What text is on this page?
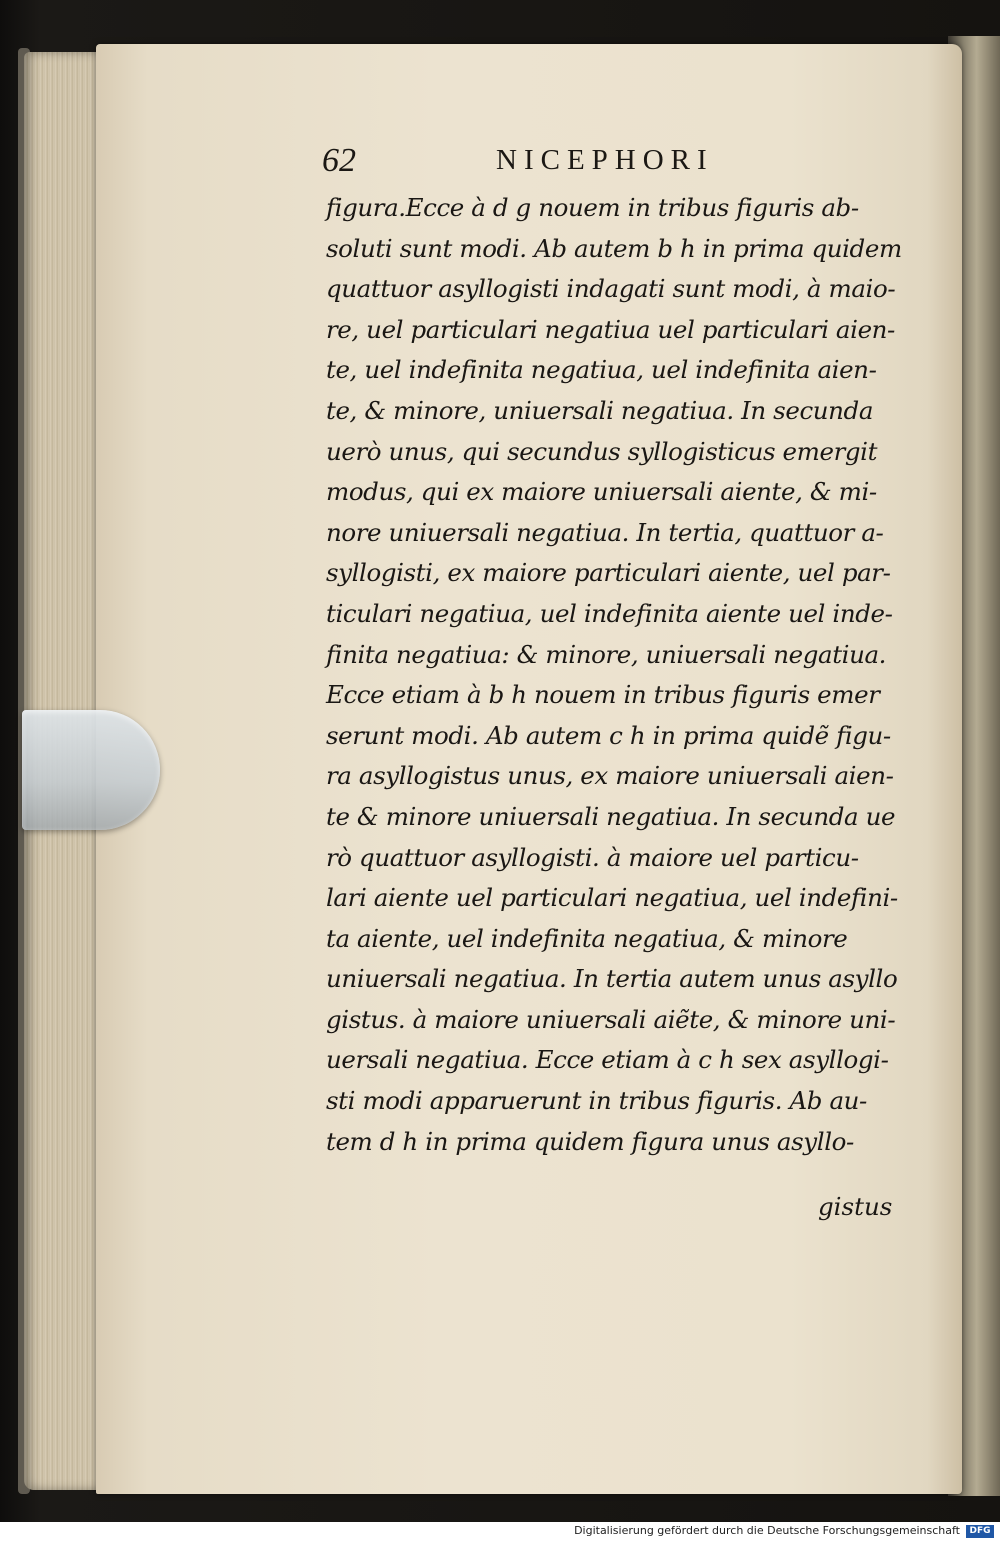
62	NICEPHORI
figura.Ecce à d g nouem in tribus figuris ab-
soluti sunt modi. Ab autem b h in prima quidem
quattuor asyllogisti indagati sunt modi, à maio-
re, uel particulari negatiua uel particulari aien-
te, uel indefinita negatiua, uel indefinita aien-
te, & minore, uniuersali negatiua. In secunda
uerò unus, qui secundus syllogisticus emergit
modus, qui ex maiore uniuersali aiente, & mi-
nore uniuersali negatiua. In tertia, quattuor a-
syllogisti, ex maiore particulari aiente, uel par-
ticulari negatiua, uel indefinita aiente uel inde-
finita negatiua: & minore, uniuersali negatiua.
Ecce etiam à b h nouem in tribus figuris emer
serunt modi. Ab autem c h in prima quidẽ figu-
ra asyllogistus unus, ex maiore uniuersali aien-
te & minore uniuersali negatiua. In secunda ue
rò quattuor asyllogisti. à maiore uel particu-
lari aiente uel particulari negatiua, uel indefini-
ta aiente, uel indefinita negatiua, & minore
uniuersali negatiua. In tertia autem unus asyllo
gistus. à maiore uniuersali aiẽte, & minore uni-
uersali negatiua. Ecce etiam à c h sex asyllogi-
sti modi apparuerunt in tribus figuris. Ab au-
tem d h in prima quidem figura unus asyllo-
gistus
Digitalisierung gefördert durch die Deutsche Forschungsgemeinschaft	DFG
